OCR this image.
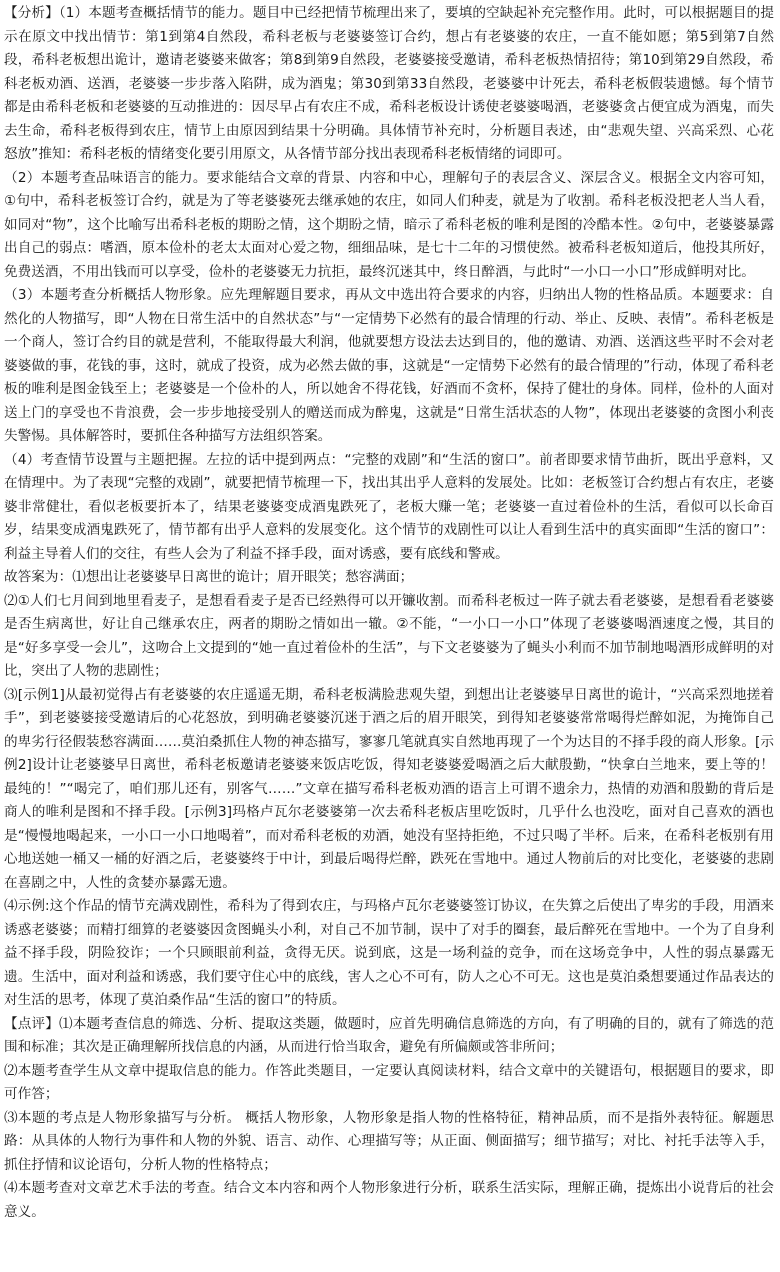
【分析】（1）本题考查概括情节的能力。题目中已经把情节梳理出来了，要填的空缺起补充完整作用。此时，可以根据题目的提示在原文中找出情节：第1到第4自然段，希科老板与老婆婆签订合约，想占有老婆婆的农庄，一直不能如愿；第5到第7自然段，希科老板想出诡计，邀请老婆婆来做客；第8到第9自然段，老婆婆接受邀请，希科老板热情招待；第10到第29自然段，希科老板劝酒、送酒，老婆婆一步步落入陷阱，成为酒鬼；第30到第33自然段，老婆婆中计死去，希科老板假装遗憾。每个情节都是由希科老板和老婆婆的互动推进的：因尽早占有农庄不成，希科老板设计诱使老婆婆喝酒，老婆婆贪占便宜成为酒鬼，而失去生命，希科老板得到农庄，情节上由原因到结果十分明确。具体情节补充时，分析题目表述，由“悲观失望、兴高采烈、心花怒放”推知：希科老板的情绪变化要引用原文，从各情节部分找出表现希科老板情绪的词即可。

（2）本题考查品味语言的能力。要求能结合文章的背景、内容和中心，理解句子的表层含义、深层含义。根据全文内容可知，①句中，希科老板签订合约，就是为了等老婆婆死去继承她的农庄，如同人们种麦，就是为了收割。希科老板没把老人当人看，如同对“物”，这个比喻写出希科老板的期盼之情，这个期盼之情，暗示了希科老板的唯利是图的冷酷本性。②句中，老婆婆暴露出自己的弱点：嗜酒，原本俭朴的老太太面对心爱之物，细细品味，是七十二年的习惯使然。被希科老板知道后，他投其所好，免费送酒，不用出钱而可以享受，俭朴的老婆婆无力抗拒，最终沉迷其中，终日醉酒，与此时“一小口一小口”形成鲜明对比。

（3）本题考查分析概括人物形象。应先理解题目要求，再从文中选出符合要求的内容，归纳出人物的性格品质。本题要求：自然化的人物描写，即“人物在日常生活中的自然状态”与“一定情势下必然有的最合情理的行动、举止、反映、表情”。希科老板是一个商人，签订合约目的就是营利，不能取得最大利润，他就要想方设法去达到目的，他的邀请、劝酒、送酒这些平时不会对老婆婆做的事，花钱的事，这时，就成了投资，成为必然去做的事，这就是“一定情势下必然有的最合情理的”行动，体现了希科老板的唯利是图金钱至上；老婆婆是一个俭朴的人，所以她舍不得花钱，好酒而不贪杯，保持了健壮的身体。同样，俭朴的人面对送上门的享受也不肯浪费，会一步步地接受别人的赠送而成为醉鬼，这就是“日常生活状态的人物”，体现出老婆婆的贪图小利丧失警惕。具体解答时，要抓住各种描写方法组织答案。

（4）考查情节设置与主题把握。左拉的话中提到两点：“完整的戏剧”和“生活的窗口”。前者即要求情节曲折，既出乎意料，又在情理中。为了表现“完整的戏剧”，就要把情节梳理一下，找出其出乎人意料的发展处。比如：老板签订合约想占有农庄，老婆婆非常健壮，看似老板要折本了，结果老婆婆变成酒鬼跌死了，老板大赚一笔；老婆婆一直过着俭朴的生活，看似可以长命百岁，结果变成酒鬼跌死了，情节都有出乎人意料的发展变化。这个情节的戏剧性可以让人看到生活中的真实面即“生活的窗口”：利益主导着人们的交往，有些人会为了利益不择手段，面对诱惑，要有底线和警戒。

故答案为：⑴想出让老婆婆早日离世的诡计；眉开眼笑；愁容满面；

⑵①人们七月间到地里看麦子，是想看看麦子是否已经熟得可以开镰收割。而希科老板过一阵子就去看老婆婆，是想看看老婆婆是否生病离世，好让自己继承农庄，两者的期盼之情如出一辙。②不能，“一小口一小口”体现了老婆婆喝酒速度之慢，其目的是“好多享受一会儿”，这吻合上文提到的“她一直过着俭朴的生活”，与下文老婆婆为了蝇头小利而不加节制地喝酒形成鲜明的对比，突出了人物的悲剧性；

⑶[示例1]从最初觉得占有老婆婆的农庄遥遥无期，希科老板满脸悲观失望，到想出让老婆婆早日离世的诡计，“兴高采烈地搓着手”，到老婆婆接受邀请后的心花怒放，到明确老婆婆沉迷于酒之后的眉开眼笑，到得知老婆婆常常喝得烂醉如泥，为掩饰自己的卑劣行径假装愁容满面……莫泊桑抓住人物的神态描写，寥寥几笔就真实自然地再现了一个为达目的不择手段的商人形象。[示例2]设计让老婆婆早日离世，希科老板邀请老婆婆来饭店吃饭，得知老婆婆爱喝酒之后大献殷勤，“快拿白兰地来，要上等的！最纯的！”“喝完了，咱们那儿还有，别客气……”文章在描写希科老板劝酒的语言上可谓不遗余力，热情的劝酒和殷勤的背后是商人的唯利是图和不择手段。[示例3]玛格卢瓦尔老婆婆第一次去希科老板店里吃饭时，几乎什么也没吃，面对自己喜欢的酒也是“慢慢地喝起来，一小口一小口地喝着”，而对希科老板的劝酒，她没有坚持拒绝，不过只喝了半杯。后来，在希科老板别有用心地送她一桶又一桶的好酒之后，老婆婆终于中计，到最后喝得烂醉，跌死在雪地中。通过人物前后的对比变化，老婆婆的悲剧在喜剧之中，人性的贪婪亦暴露无遗。

⑷示例:这个作品的情节充满戏剧性，希科为了得到农庄，与玛格卢瓦尔老婆婆签订协议，在失算之后使出了卑劣的手段，用酒来诱惑老婆婆；而精打细算的老婆婆因贪图蝇头小利，对自己不加节制，误中了对手的圈套，最后醉死在雪地中。一个为了自身利益不择手段，阴险狡诈；一个只顾眼前利益，贪得无厌。说到底，这是一场利益的竞争，而在这场竞争中，人性的弱点暴露无遗。生活中，面对利益和诱惑，我们要守住心中的底线，害人之心不可有，防人之心不可无。这也是莫泊桑想要通过作品表达的对生活的思考，体现了莫泊桑作品“生活的窗口”的特质。

【点评】⑴本题考查信息的筛选、分析、提取这类题，做题时，应首先明确信息筛选的方向，有了明确的目的，就有了筛选的范围和标准；其次是正确理解所找信息的内涵，从而进行恰当取舍，避免有所偏颇或答非所问；

⑵本题考查学生从文章中提取信息的能力。作答此类题目，一定要认真阅读材料，结合文章中的关键语句，根据题目的要求，即可作答；

⑶本题的考点是人物形象描写与分析。 概括人物形象，人物形象是指人物的性格特征，精神品质，而不是指外表特征。解题思路：从具体的人物行为事件和人物的外貌、语言、动作、心理描写等；从正面、侧面描写；细节描写；对比、衬托手法等入手，抓住抒情和议论语句，分析人物的性格特点；

⑷本题考查对文章艺术手法的考查。结合文本内容和两个人物形象进行分析，联系生活实际，理解正确，提炼出小说背后的社会意义。
